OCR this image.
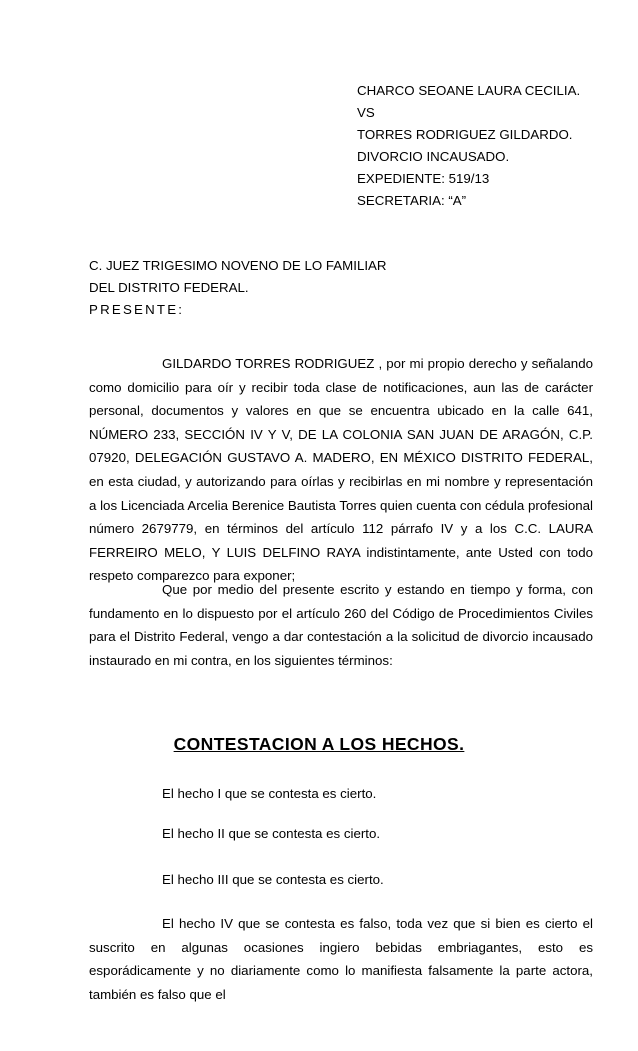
CHARCO SEOANE LAURA CECILIA.
VS
TORRES RODRIGUEZ GILDARDO.
DIVORCIO INCAUSADO.
EXPEDIENTE: 519/13
SECRETARIA: “A”
C. JUEZ TRIGESIMO NOVENO DE LO FAMILIAR
DEL DISTRITO FEDERAL.
PRESENTE:

GILDARDO TORRES RODRIGUEZ , por mi propio derecho y señalando como domicilio para oír y recibir toda clase de notificaciones, aun las de carácter personal, documentos y valores en que se encuentra ubicado en la calle 641, NÚMERO 233, SECCIÓN IV Y V, DE LA COLONIA SAN JUAN DE ARAGÓN, C.P. 07920, DELEGACIÓN GUSTAVO A. MADERO, EN MÉXICO DISTRITO FEDERAL, en esta ciudad, y autorizando para oírlas y recibirlas en mi nombre y representación a los Licenciada Arcelia Berenice Bautista Torres quien cuenta con cédula profesional número 2679779, en términos del artículo 112 párrafo IV y a los C.C. LAURA FERREIRO MELO, Y LUIS DELFINO RAYA indistintamente, ante Usted con todo respeto comparezco para exponer;

Que por medio del presente escrito y estando en tiempo y forma, con fundamento en lo dispuesto por el artículo 260 del Código de Procedimientos Civiles para el Distrito Federal, vengo a dar contestación a la solicitud de divorcio incausado instaurado en mi contra, en los siguientes términos:

CONTESTACION A LOS HECHOS.
El hecho I que se contesta es cierto.
El hecho II que se contesta es cierto.
El hecho III que se contesta es cierto.

El hecho IV que se contesta es falso, toda vez que si bien es cierto el suscrito en algunas ocasiones ingiero bebidas embriagantes, esto es esporádicamente y no diariamente como lo manifiesta falsamente la parte actora, también es falso que el
